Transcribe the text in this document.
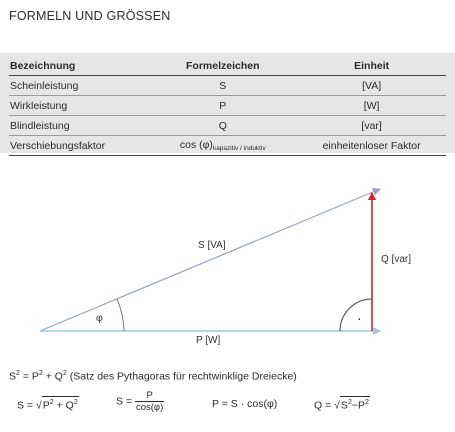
FORMELN UND GRÖSSEN
Bezeichnung	Formelzeichen	Einheit
Scheinleistung	S	[VA]
Wirkleistung	P	[W]
Blindleistung	Q	[var]
Verschiebungsfaktor	$\cos (\varphi)_{kapazitiv / induktiv}$	einheitenloser Faktor
·
S [VA]
Q [var]
P [W]
φ
$S^2 = P^2 + Q^2$ (Satz des Pythagoras für rechtwinklige Dreiecke)
$S = √P^2 + Q^2$	$S = \frac{P}{\cos(\varphi)}$	P = S · cos(φ)	$Q = √S^2-P^2$
